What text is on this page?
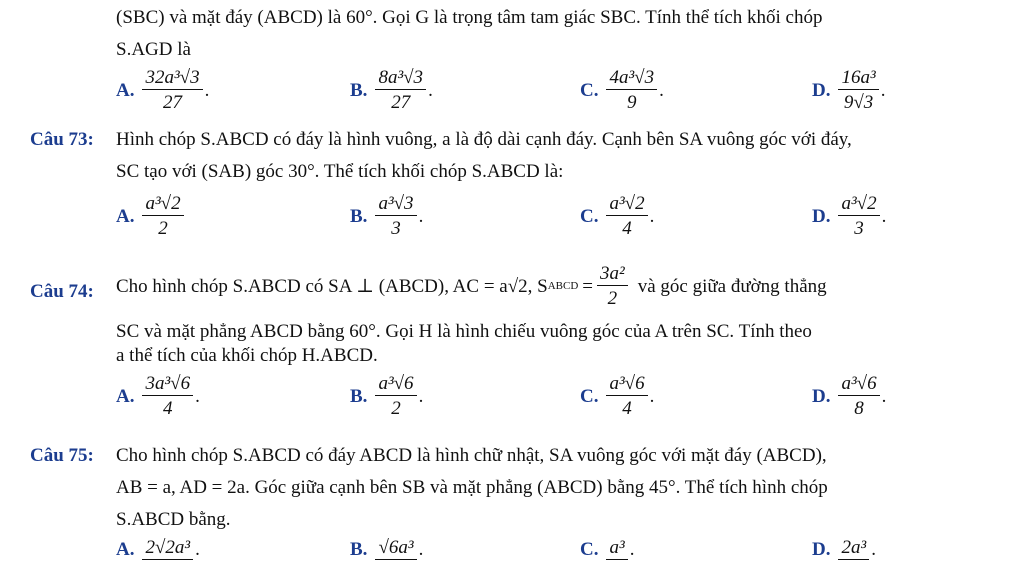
(SBC) và mặt đáy (ABCD) là 60°. Gọi G là trọng tâm tam giác SBC. Tính thể tích khối chóp
S.AGD là
A. $\frac{\text{32a³√3}}{27}$ .	B. $\frac{\text{8a³√3}}{27}$ .	C. $\frac{\text{4a³√3}}{9}$ .	D. $\frac{\text{16a³}}{9√3}$ .
Câu 73: Hình chóp S.ABCD có đáy là hình vuông, a là độ dài cạnh đáy. Cạnh bên SA vuông góc với đáy,
SC tạo với (SAB) góc 30°. Thể tích khối chóp S.ABCD là:
A. $\frac{\text{a³√2}}{2}$	B. $\frac{\text{a³√3}}{3}$ .	C. $\frac{\text{a³√2}}{4}$ .	D. $\frac{\text{a³√2}}{3}$ .
Câu 74: Cho hình chóp S.ABCD có SA ⊥ (ABCD), AC = a√2, S ABCD = $\frac{\text{3a²}}{2}$ và góc giữa đường thẳng
SC và mặt phẳng ABCD bằng 60°. Gọi H là hình chiếu vuông góc của A trên SC. Tính theo
a thể tích của khối chóp H.ABCD.
A. $\frac{\text{3a³√6}}{4}$ .	B. $\frac{\text{a³√6}}{2}$ .	C. $\frac{\text{a³√6}}{4}$ .	D. $\frac{\text{a³√6}}{8}$ .
Câu 75: Cho hình chóp S.ABCD có đáy ABCD là hình chữ nhật, SA vuông góc với mặt đáy (ABCD),
AB = a, AD = 2a. Góc giữa cạnh bên SB và mặt phẳng (ABCD) bằng 45°. Thể tích hình chóp
S.ABCD bằng.
A. 2√2a³ .	B. √6a³ .	C. a³ .	D. 2a³ .
